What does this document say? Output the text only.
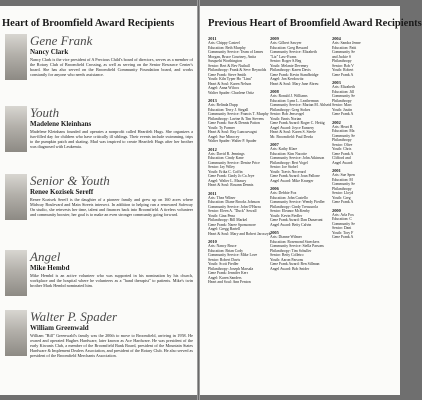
Heart of Broomfield Award Recipients
Gene Frank
Nancy Clark
Nancy Clark is the vice president of A Precious Child's board of directors, serves as a member of the Rotary Club of Broomfield Crossing, as well as serving on the Senior Resource Center's board. She has also served on the Broomfield Community Foundation board, and works constantly for anyone who needs assistance.
Youth
Madelene Kleinhans
Madelene Kleinhans founded and operates a nonprofit called Heartfelt Hugs. She organizes a fun-filled day for children who have critically ill siblings. Their events include swimming, trips to the pumpkin patch and skating. Mad was inspired to create Heartfelt Hugs after her brother was diagnosed with Leukemia.
Senior & Youth
Renee Kozisek Sereff
Renee Kozisek Sereff is the daughter of a pioneer family and grew up on 160 acres where Midway Boulevard and Main Streets intersect. In addition to helping run a renowned Safeway On studio, she reinvests her time, talent and finances back into Broomfield. A tireless volunteer and community booster, her goal is to make an even stronger community going forward.
Angel
Mike Hembd
Mike Hembd is an active volunteer who was supported in his nomination by his church, workplace and the hospital where he volunteers as a "hand therapist" to patients. Mike's twin brother Mark Hembd nominated him.
Walter P. Spader
William Greenwald
William "Bill" Greenwald's family was the 200th to move to Broomfield, arriving in 1958. He owned and operated Hughes Hardware, later known as Ace Hardware. He was president of the early Kiwanis Club, a member of the Broomfield Bank Board, president of the Mountain States Hardware & Implement Dealers Association, and president of the Rotary Club. He also served as president of the Broomfield Merchants Association.
Previous Heart of Broomfield Award Recipients
2011
Arts: Chippy Casteel
Education: Beth Murphy
Community Service: Team of James
Morgan, Bruce Courtney, Anita
Susquehi Worthington
Senior: Bert & Bev Nuthall
Philanthropy: Frank & Sevv Reynolds
Gene Frank: Steve Smith
Youth: Kiln Typer Ho "Lina"
Heart & Soul: Karen Nelson
Angel: Anna Wilcox
Walter Spader: Charlene Ortiz
2013
Arts: Belinda Dupp
Education: Terry J. Stegall
Community Service: Francis T. Murphy
Philanthropy: Lavine & Tim Stevens
Gene Frank: Sue & Dennis Patton
Youth: Ty Farmer
Heart & Soul: Ray Luncurvagni
Angel: Sue Minocey
Walter Spader: Walter P. Spader
2012
Arts: David R. Jennings
Education: Cindy Kane
Community Service: Denise Price
Senior: Jay Wiley
Youth: Erika C. Coffin
Gene Frank: Cindy Jo Ca Jeye
Angel: Walter L. Mazury
Heart & Soul: Rosann Dennis
2011
Arts: Thea Wilner
Education: Diane Brooks Johnson
Community Service: John O'Harra
Senior: Eleen A. "Duck" Sewall
Youth: Gina Pena
Philanthropy: Bill Markel
Gene Frank: Naree Sponsonore
Angel: Gregg Bartell
Heart & Soul: Mary and Robert Jaroczyk
2010
Arts: Nancy Bruce
Education: Brian Cody
Community Service: Mike Love
Senior: Robert Davis
Youth: Scott Fiedler
Philanthropy: Joseph Marsala
Gene Frank: Jennifer Kerr
Angel: Karen Sanders
Heart and Soul: Ann Fenton
2009
Arts: Gilbert Sawyer
Education: Greg Bessard
Community Service: Elizabeth
"Liz" Law-Evans
Senior: Roger S.Beg
Youth: Melanie Devenny
Philanthropy: Karen Davis
Gene Frank: Kevin Standbridge
Angel: Jon Kerdowitz
Heart & Soul: Mary Jane Abreu
2008
Arts: Ronald J. Williams
Education: Lynn L. Leatherman
Community Service: Marian M. Ahlseid
Philanthropy: Greg Stokes
Senior: Bob Jensvogel
Youth: Ennis Norian
Gene Frank Award: Roger C. Heitig
Angel Award: Joyce Eunsery
Heart & Soul: Karen S. Steele
Mr. Broomfield: Paul Derda
2007
Arts: Kathy Klare
Education: Kim Nacotte
Community Service: John Atkinson
Philanthropy: Bert Vogel
Senior: Joe Stobel
Youth: Travis Nocerard
Gene Frank Award: Joan Pallone
Angel Award: Mike Krueger
2006
Arts: Debbie Fox
Education: John Castello
Community Service: Wendy Fiedler
Philanthropy: Cindy Treasurola
Senior: Eleanor McKenby
Youth: Kevin Fiedler
Gene Frank Award: Dan Dunavant
Angel Award: Betty Calvin
2005
Arts: Dianne Wilmer
Education: Rosemond Stoeckers
Community Service: Stella Parsons
Philanthropy: Tim Schuller
Senior: Betty Colletro
Youth: Aaron Parsons
Gene Frank Award: Ben Sillman
Angel Award: Bob Snider
2004
Arts: Sandra Jenne
Education: Patti
Community Se
and Jackie S
Philanthropy
Senior: Bob V
Youth: Robert
Gene Frank A
2003
Arts: Elizabeth
Education: Jill
Community Se
Philanthropy
Senior: Marc
Youth: Justin
Gene Frank A
2002
Arts: Heart B
Education: Ma
Community Se
Philanthropy
Senior: Olive
Youth: Chris
Gene Frank A
Clifford and
Angel Award:
2001
Arts: Sue Spen
Education: M
Community Se
Philanthropy
Senior: Lloyd
Youth: Greg
Gene Frank A
2000
Arts: Arla Fox
Education: C
Community Se
Senior: Dani
Youth: Tory F
Gene Frank A
